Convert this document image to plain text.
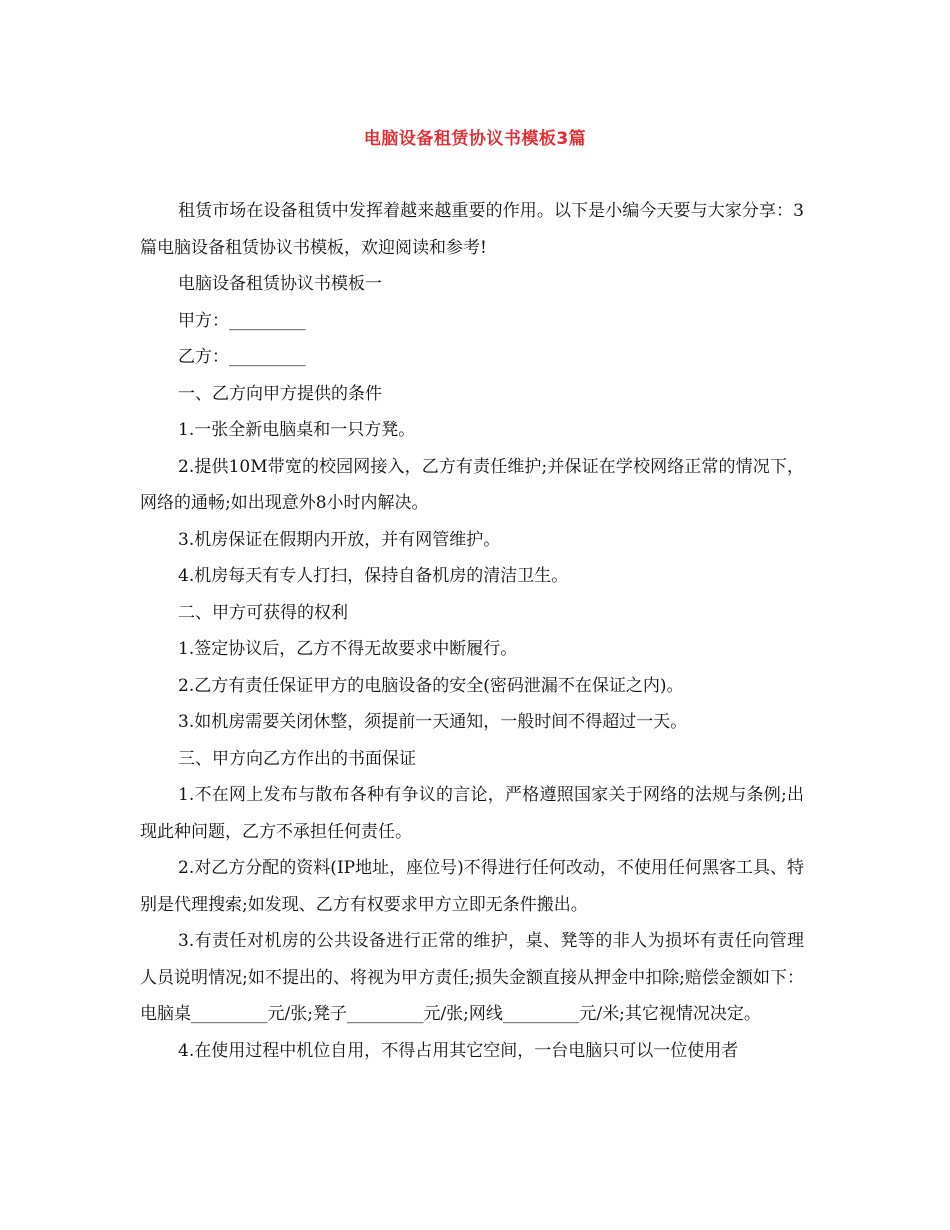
电脑设备租赁协议书模板3篇

租赁市场在设备租赁中发挥着越来越重要的作用。以下是小编今天要与大家分享：3篇电脑设备租赁协议书模板，欢迎阅读和参考!

电脑设备租赁协议书模板一

甲方：_________

乙方：_________

一、乙方向甲方提供的条件

1.一张全新电脑桌和一只方凳。

2.提供10M带宽的校园网接入，乙方有责任维护;并保证在学校网络正常的情况下，网络的通畅;如出现意外8小时内解决。

3.机房保证在假期内开放，并有网管维护。

4.机房每天有专人打扫，保持自备机房的清洁卫生。

二、甲方可获得的权利

1.签定协议后，乙方不得无故要求中断履行。

2.乙方有责任保证甲方的电脑设备的安全(密码泄漏不在保证之内)。

3.如机房需要关闭休整，须提前一天通知，一般时间不得超过一天。

三、甲方向乙方作出的书面保证

1.不在网上发布与散布各种有争议的言论，严格遵照国家关于网络的法规与条例;出现此种问题，乙方不承担任何责任。

2.对乙方分配的资料(IP地址，座位号)不得进行任何改动，不使用任何黑客工具、特别是代理搜索;如发现、乙方有权要求甲方立即无条件搬出。

3.有责任对机房的公共设备进行正常的维护，桌、凳等的非人为损坏有责任向管理人员说明情况;如不提出的、将视为甲方责任;损失金额直接从押金中扣除;赔偿金额如下：电脑桌_________元/张;凳子_________元/张;网线_________元/米;其它视情况决定。

4.在使用过程中机位自用，不得占用其它空间，一台电脑只可以一位使用者
